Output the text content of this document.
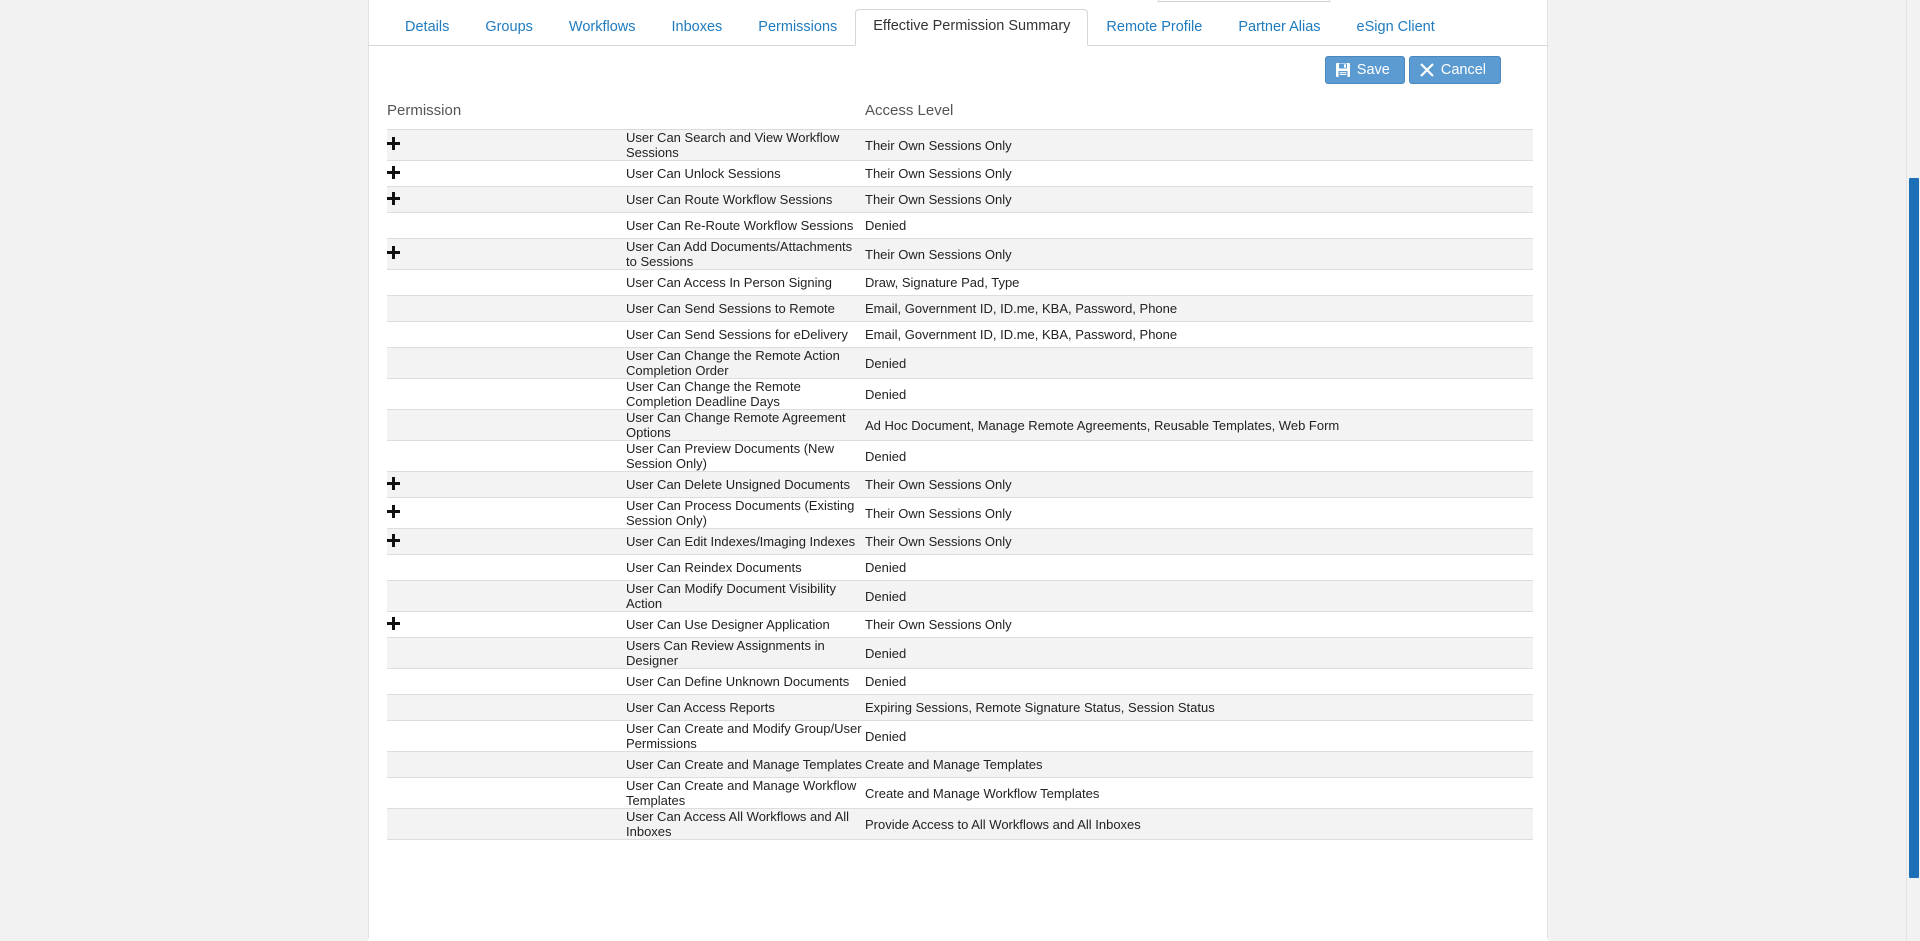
Details	Groups	Workflows	Inboxes	Permissions	Effective Permission Summary	Remote Profile	Partner Alias	eSign Client
Save	Cancel
Permission		Access Level
	User Can Search and View Workflow Sessions	Their Own Sessions Only
	User Can Unlock Sessions	Their Own Sessions Only
	User Can Route Workflow Sessions	Their Own Sessions Only
	User Can Re-Route Workflow Sessions	Denied
	User Can Add Documents/Attachments to Sessions	Their Own Sessions Only
	User Can Access In Person Signing	Draw, Signature Pad, Type
	User Can Send Sessions to Remote	Email, Government ID, ID.me, KBA, Password, Phone
	User Can Send Sessions for eDelivery	Email, Government ID, ID.me, KBA, Password, Phone
	User Can Change the Remote Action Completion Order	Denied
	User Can Change the Remote Completion Deadline Days	Denied
	User Can Change Remote Agreement Options	Ad Hoc Document, Manage Remote Agreements, Reusable Templates, Web Form
	User Can Preview Documents (New Session Only)	Denied
	User Can Delete Unsigned Documents	Their Own Sessions Only
	User Can Process Documents (Existing Session Only)	Their Own Sessions Only
	User Can Edit Indexes/Imaging Indexes	Their Own Sessions Only
	User Can Reindex Documents	Denied
	User Can Modify Document Visibility Action	Denied
	User Can Use Designer Application	Their Own Sessions Only
	Users Can Review Assignments in Designer	Denied
	User Can Define Unknown Documents	Denied
	User Can Access Reports	Expiring Sessions, Remote Signature Status, Session Status
	User Can Create and Modify Group/User Permissions	Denied
	User Can Create and Manage Templates	Create and Manage Templates
	User Can Create and Manage Workflow Templates	Create and Manage Workflow Templates
	User Can Access All Workflows and All Inboxes	Provide Access to All Workflows and All Inboxes
